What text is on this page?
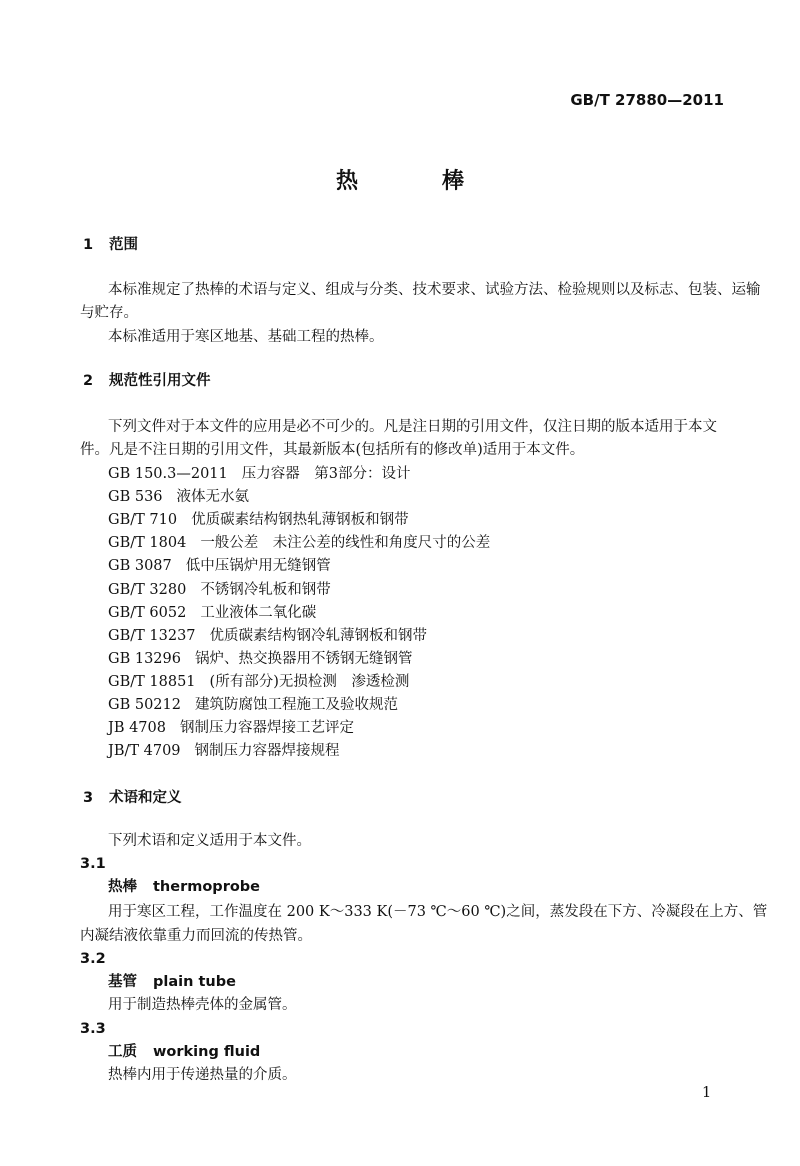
GB/T 27880—2011
热	棒
1 范围
本标准规定了热棒的术语与定义、组成与分类、技术要求、试验方法、检验规则以及标志、包装、运输
与贮存。
本标准适用于寒区地基、基础工程的热棒。
2 规范性引用文件
下列文件对于本文件的应用是必不可少的。凡是注日期的引用文件，仅注日期的版本适用于本文
件。凡是不注日期的引用文件，其最新版本(包括所有的修改单)适用于本文件。
GB 150.3—2011 压力容器　第3部分：设计
GB 536 液体无水氨
GB/T 710 优质碳素结构钢热轧薄钢板和钢带
GB/T 1804 一般公差　未注公差的线性和角度尺寸的公差
GB 3087 低中压锅炉用无缝钢管
GB/T 3280 不锈钢冷轧板和钢带
GB/T 6052 工业液体二氧化碳
GB/T 13237 优质碳素结构钢冷轧薄钢板和钢带
GB 13296 锅炉、热交换器用不锈钢无缝钢管
GB/T 18851 (所有部分)无损检测　渗透检测
GB 50212 建筑防腐蚀工程施工及验收规范
JB 4708 钢制压力容器焊接工艺评定
JB/T 4709 钢制压力容器焊接规程
3 术语和定义
下列术语和定义适用于本文件。
3.1
热棒 thermoprobe
用于寒区工程，工作温度在 200 K～333 K(－73 ℃～60 ℃)之间，蒸发段在下方、冷凝段在上方、管
内凝结液依靠重力而回流的传热管。
3.2
基管 plain tube
用于制造热棒壳体的金属管。
3.3
工质 working fluid
热棒内用于传递热量的介质。
1
